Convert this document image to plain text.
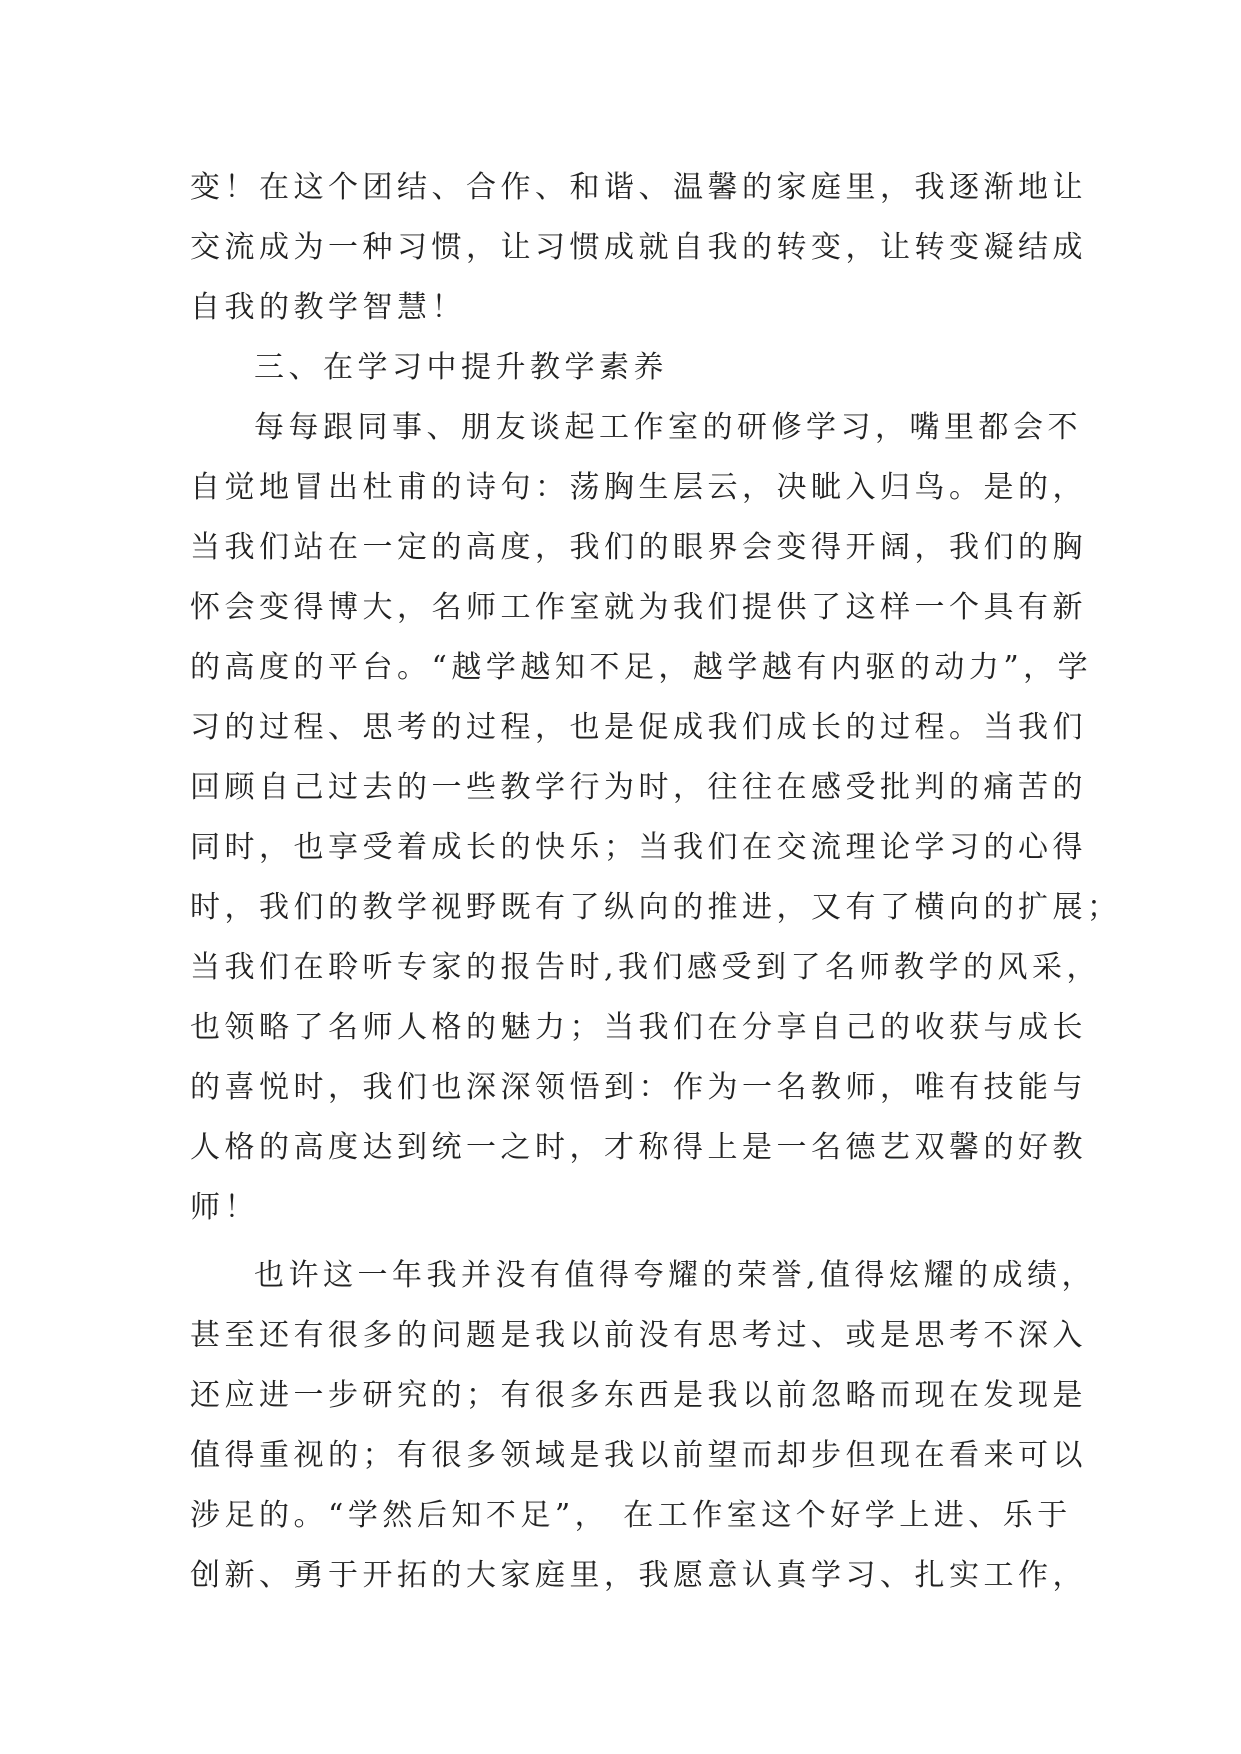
变！在这个团结、合作、和谐、温馨的家庭里，我逐渐地让
交流成为一种习惯，让习惯成就自我的转变，让转变凝结成
自我的教学智慧！
三、在学习中提升教学素养
每每跟同事、朋友谈起工作室的研修学习，嘴里都会不
自觉地冒出杜甫的诗句：荡胸生层云，决眦入归鸟。是的，
当我们站在一定的高度，我们的眼界会变得开阔，我们的胸
怀会变得博大，名师工作室就为我们提供了这样一个具有新
的高度的平台。“越学越知不足，越学越有内驱的动力”，学
习的过程、思考的过程，也是促成我们成长的过程。当我们
回顾自己过去的一些教学行为时，往往在感受批判的痛苦的
同时，也享受着成长的快乐；当我们在交流理论学习的心得
时，我们的教学视野既有了纵向的推进，又有了横向的扩展；
当我们在聆听专家的报告时,我们感受到了名师教学的风采，
也领略了名师人格的魅力；当我们在分享自己的收获与成长
的喜悦时，我们也深深领悟到：作为一名教师，唯有技能与
人格的高度达到统一之时，才称得上是一名德艺双馨的好教
师！
也许这一年我并没有值得夸耀的荣誉,值得炫耀的成绩，
甚至还有很多的问题是我以前没有思考过、或是思考不深入
还应进一步研究的；有很多东西是我以前忽略而现在发现是
值得重视的；有很多领域是我以前望而却步但现在看来可以
涉足的。“学然后知不足”， 在工作室这个好学上进、乐于
创新、勇于开拓的大家庭里，我愿意认真学习、扎实工作，
